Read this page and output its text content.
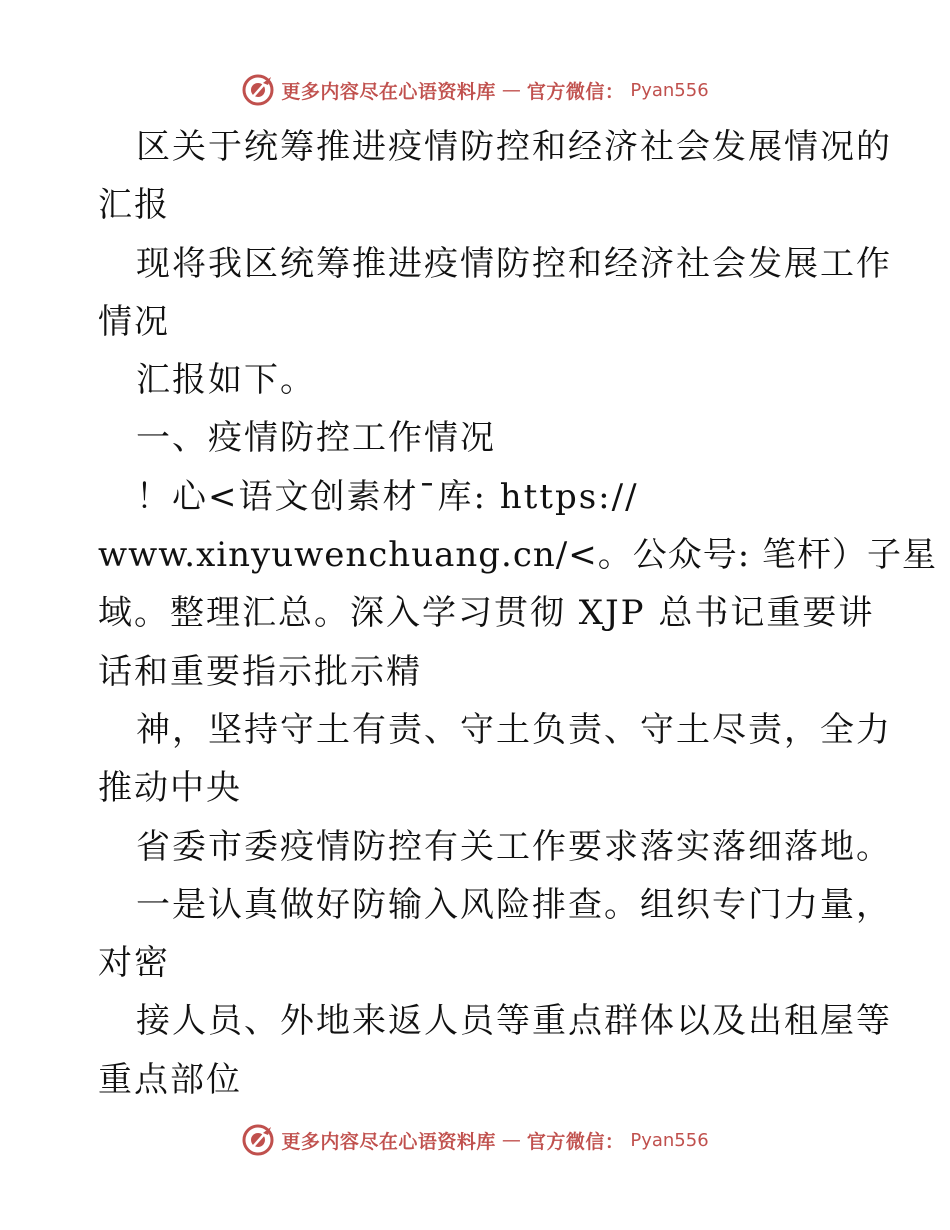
更多内容尽在心语资料库 — 官方微信： Pyan556
区关于统筹推进疫情防控和经济社会发展情况的
汇报
现将我区统筹推进疫情防控和经济社会发展工作
情况
汇报如下。
一、疫情防控工作情况
！心<语文创素材¯库: https://
www.xinyuwenchuang.cn/<。公众号: 笔杆）子星
域。整理汇总。深入学习贯彻 XJP 总书记重要讲
话和重要指示批示精
神，坚持守土有责、守土负责、守土尽责，全力
推动中央
省委市委疫情防控有关工作要求落实落细落地。
一是认真做好防输入风险排查。组织专门力量，
对密
接人员、外地来返人员等重点群体以及出租屋等
重点部位
更多内容尽在心语资料库 — 官方微信： Pyan556
